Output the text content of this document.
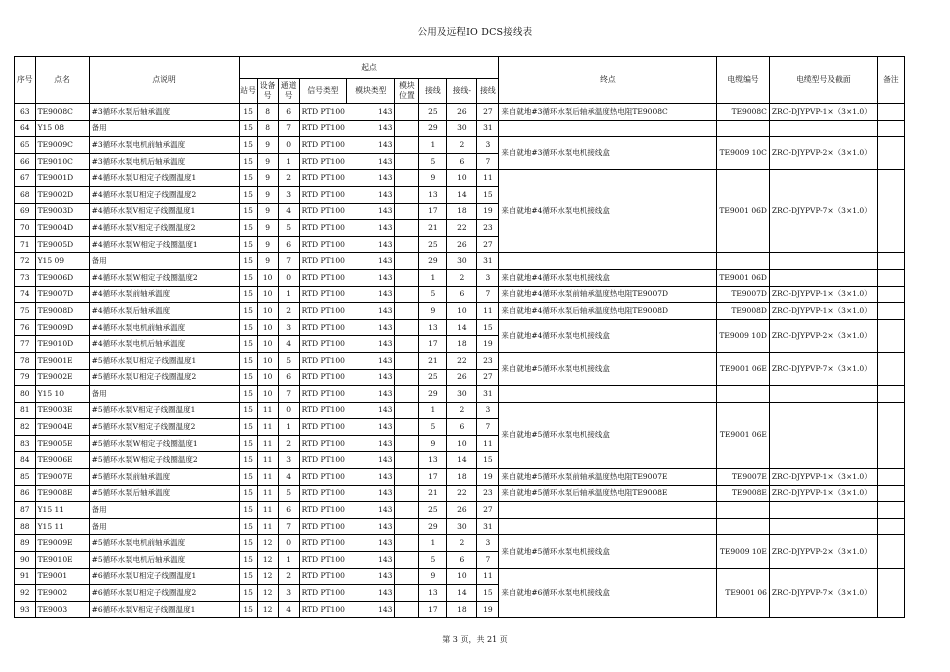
公用及远程IO DCS接线表
序号	点名	点说明	起点									终点	电缆编号	电缆型号及截面	备注
			站号	设备号	通道号	信号类型	模块类型	模块位置	接线	接线-	接线				
63	TE9008C	#3循环水泵后轴承温度	15	8	6	RTD PT100	143		25	26	27	来自就地#3循环水泵后轴承温度热电阻TE9008C	TE9008C	ZRC-DJYPVP-1×（3×1.0）	
64	Y15 08	备用	15	8	7	RTD PT100	143		29	30	31				
65	TE9009C	#3循环水泵电机前轴承温度	15	9	0	RTD PT100	143		1	2	3	来自就地#3循环水泵电机接线盒	TE9009 10C	ZRC-DJYPVP-2×（3×1.0）	
66	TE9010C	#3循环水泵电机后轴承温度	15	9	1	RTD PT100	143		5	6	7				
67	TE9001D	#4循环水泵U相定子线圈温度1	15	9	2	RTD PT100	143		9	10	11	来自就地#4循环水泵电机接线盒	TE9001 06D	ZRC-DJYPVP-7×（3×1.0）	
68	TE9002D	#4循环水泵U相定子线圈温度2	15	9	3	RTD PT100	143		13	14	15				
69	TE9003D	#4循环水泵V相定子线圈温度1	15	9	4	RTD PT100	143		17	18	19				
70	TE9004D	#4循环水泵V相定子线圈温度2	15	9	5	RTD PT100	143		21	22	23				
71	TE9005D	#4循环水泵W相定子线圈温度1	15	9	6	RTD PT100	143		25	26	27				
72	Y15 09	备用	15	9	7	RTD PT100	143		29	30	31				
73	TE9006D	#4循环水泵W相定子线圈温度2	15	10	0	RTD PT100	143		1	2	3	来自就地#4循环水泵电机接线盒	TE9001 06D		
74	TE9007D	#4循环水泵前轴承温度	15	10	1	RTD PT100	143		5	6	7	来自就地#4循环水泵前轴承温度热电阻TE9007D	TE9007D	ZRC-DJYPVP-1×（3×1.0）	
75	TE9008D	#4循环水泵后轴承温度	15	10	2	RTD PT100	143		9	10	11	来自就地#4循环水泵后轴承温度热电阻TE9008D	TE9008D	ZRC-DJYPVP-1×（3×1.0）	
76	TE9009D	#4循环水泵电机前轴承温度	15	10	3	RTD PT100	143		13	14	15	来自就地#4循环水泵电机接线盒	TE9009 10D	ZRC-DJYPVP-2×（3×1.0）	
77	TE9010D	#4循环水泵电机后轴承温度	15	10	4	RTD PT100	143		17	18	19				
78	TE9001E	#5循环水泵U相定子线圈温度1	15	10	5	RTD PT100	143		21	22	23	来自就地#5循环水泵电机接线盒	TE9001 06E	ZRC-DJYPVP-7×（3×1.0）	
79	TE9002E	#5循环水泵U相定子线圈温度2	15	10	6	RTD PT100	143		25	26	27				
80	Y15 10	备用	15	10	7	RTD PT100	143		29	30	31				
81	TE9003E	#5循环水泵V相定子线圈温度1	15	11	0	RTD PT100	143		1	2	3	来自就地#5循环水泵电机接线盒	TE9001 06E		
82	TE9004E	#5循环水泵V相定子线圈温度2	15	11	1	RTD PT100	143		5	6	7				
83	TE9005E	#5循环水泵W相定子线圈温度1	15	11	2	RTD PT100	143		9	10	11				
84	TE9006E	#5循环水泵W相定子线圈温度2	15	11	3	RTD PT100	143		13	14	15				
85	TE9007E	#5循环水泵前轴承温度	15	11	4	RTD PT100	143		17	18	19	来自就地#5循环水泵前轴承温度热电阻TE9007E	TE9007E	ZRC-DJYPVP-1×（3×1.0）	
86	TE9008E	#5循环水泵后轴承温度	15	11	5	RTD PT100	143		21	22	23	来自就地#5循环水泵后轴承温度热电阻TE9008E	TE9008E	ZRC-DJYPVP-1×（3×1.0）	
87	Y15 11	备用	15	11	6	RTD PT100	143		25	26	27				
88	Y15 11	备用	15	11	7	RTD PT100	143		29	30	31				
89	TE9009E	#5循环水泵电机前轴承温度	15	12	0	RTD PT100	143		1	2	3	来自就地#5循环水泵电机接线盒	TE9009 10E	ZRC-DJYPVP-2×（3×1.0）	
90	TE9010E	#5循环水泵电机后轴承温度	15	12	1	RTD PT100	143		5	6	7				
91	TE9001	#6循环水泵U相定子线圈温度1	15	12	2	RTD PT100	143		9	10	11	来自就地#6循环水泵电机接线盒	TE9001 06	ZRC-DJYPVP-7×（3×1.0）	
92	TE9002	#6循环水泵U相定子线圈温度2	15	12	3	RTD PT100	143		13	14	15				
93	TE9003	#6循环水泵V相定子线圈温度1	15	12	4	RTD PT100	143		17	18	19				
第 3 页，共 21 页
